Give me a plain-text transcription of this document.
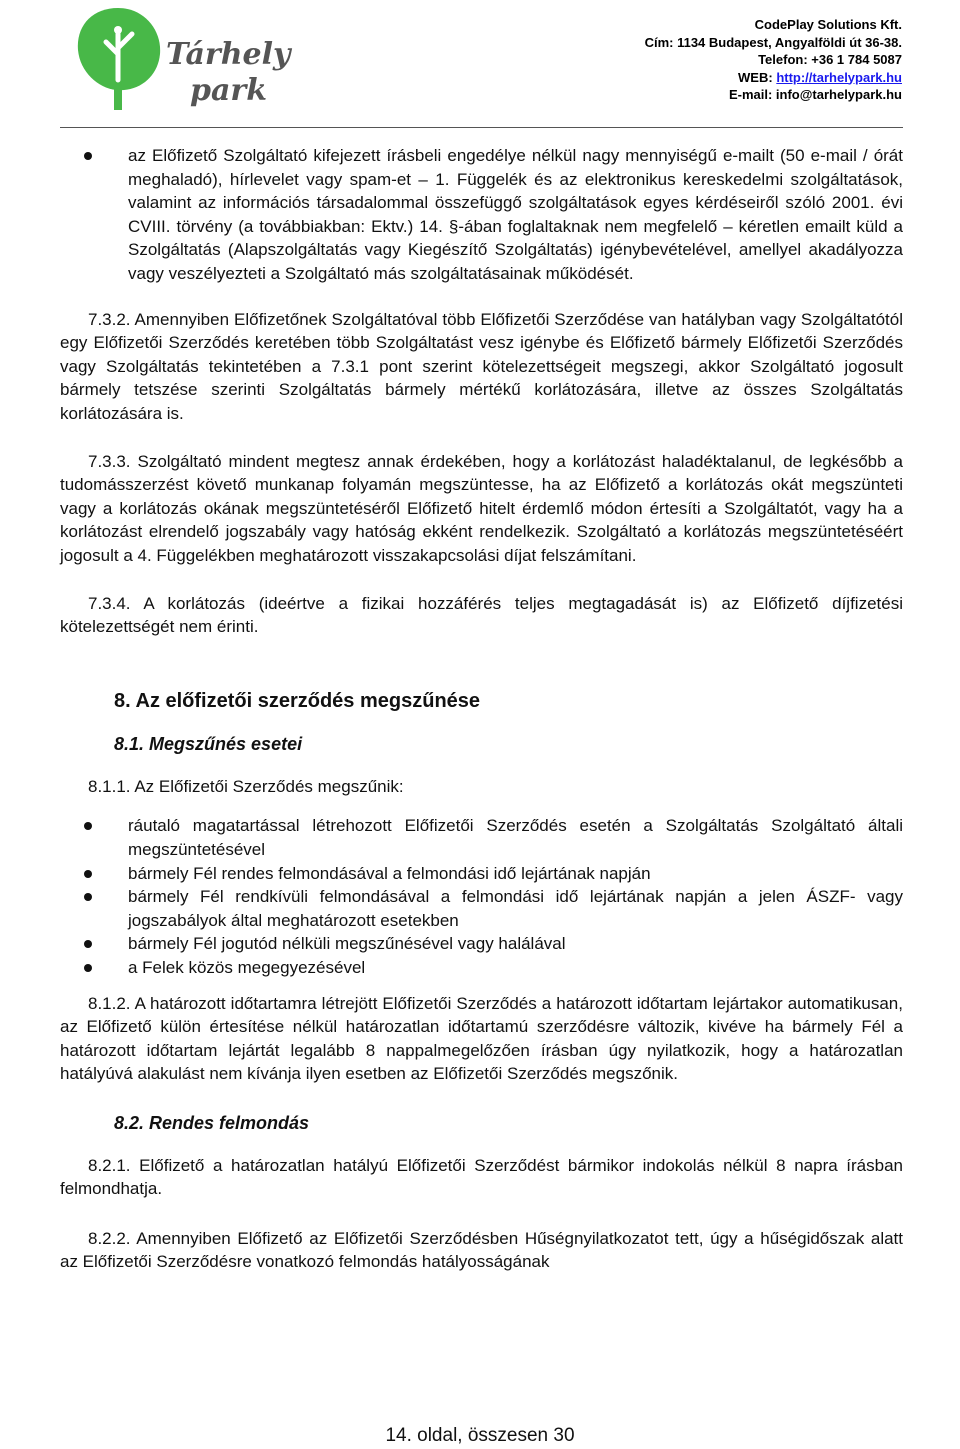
Tárhely
park
CodePlay Solutions Kft.
Cím: 1134 Budapest, Angyalföldi út 36-38.
Telefon: +36 1 784 5087
WEB: http://tarhelypark.hu
E-mail: info@tarhelypark.hu
az Előfizető Szolgáltató kifejezett írásbeli engedélye nélkül nagy mennyiségű e-mailt (50 e-mail / órát meghaladó), hírlevelet vagy spam-et – 1. Függelék és az elektronikus kereskedelmi szolgáltatások, valamint az információs társadalommal összefüggő szolgáltatások egyes kérdéseiről szóló 2001. évi CVIII. törvény (a továbbiakban: Ektv.) 14. §-ában foglaltaknak nem megfelelő – kéretlen emailt küld a Szolgáltatás (Alapszolgáltatás vagy Kiegészítő Szolgáltatás) igénybevételével, amellyel akadályozza vagy veszélyezteti a Szolgáltató más szolgáltatásainak működését.

7.3.2. Amennyiben Előfizetőnek Szolgáltatóval több Előfizetői Szerződése van hatályban vagy Szolgáltatótól egy Előfizetői Szerződés keretében több Szolgáltatást vesz igénybe és Előfizető bármely Előfizetői Szerződés vagy Szolgáltatás tekintetében a 7.3.1 pont szerint kötelezettségeit megszegi, akkor Szolgáltató jogosult bármely tetszése szerinti Szolgáltatás bármely mértékű korlátozására, illetve az összes Szolgáltatás korlátozására is.

7.3.3. Szolgáltató mindent megtesz annak érdekében, hogy a korlátozást haladéktalanul, de legkésőbb a tudomásszerzést követő munkanap folyamán megszüntesse, ha az Előfizető a korlátozás okát megszünteti vagy a korlátozás okának megszüntetéséről Előfizető hitelt érdemlő módon értesíti a Szolgáltatót, vagy ha a korlátozást elrendelő jogszabály vagy hatóság ekként rendelkezik. Szolgáltató a korlátozás megszüntetéséért jogosult a 4. Függelékben meghatározott visszakapcsolási díjat felszámítani.

7.3.4. A korlátozás (ideértve a fizikai hozzáférés teljes megtagadását is) az Előfizető díjfizetési kötelezettségét nem érinti.

8. Az előfizetői szerződés megszűnése
8.1. Megszűnés esetei

8.1.1. Az Előfizetői Szerződés megszűnik:

ráutaló magatartással létrehozott Előfizetői Szerződés esetén a Szolgáltatás Szolgáltató általi megszüntetésével
bármely Fél rendes felmondásával a felmondási idő lejártának napján
bármely Fél rendkívüli felmondásával a felmondási idő lejártának napján a jelen ÁSZF- vagy jogszabályok által meghatározott esetekben
bármely Fél jogutód nélküli megszűnésével vagy halálával
a Felek közös megegyezésével

8.1.2. A határozott időtartamra létrejött Előfizetői Szerződés a határozott időtartam lejártakor automatikusan, az Előfizető külön értesítése nélkül határozatlan időtartamú szerződésre változik, kivéve ha bármely Fél a határozott időtartam lejártát legalább 8 nappalmegelőzően írásban úgy nyilatkozik, hogy a határozatlan hatályúvá alakulást nem kívánja ilyen esetben az Előfizetői Szerződés megszőnik.

8.2. Rendes felmondás

8.2.1. Előfizető a határozatlan hatályú Előfizetői Szerződést bármikor indokolás nélkül 8 napra írásban felmondhatja.

8.2.2. Amennyiben Előfizető az Előfizetői Szerződésben Hűségnyilatkozatot tett, úgy a hűségidőszak alatt az Előfizetői Szerződésre vonatkozó felmondás hatályosságának

14. oldal, összesen 30
